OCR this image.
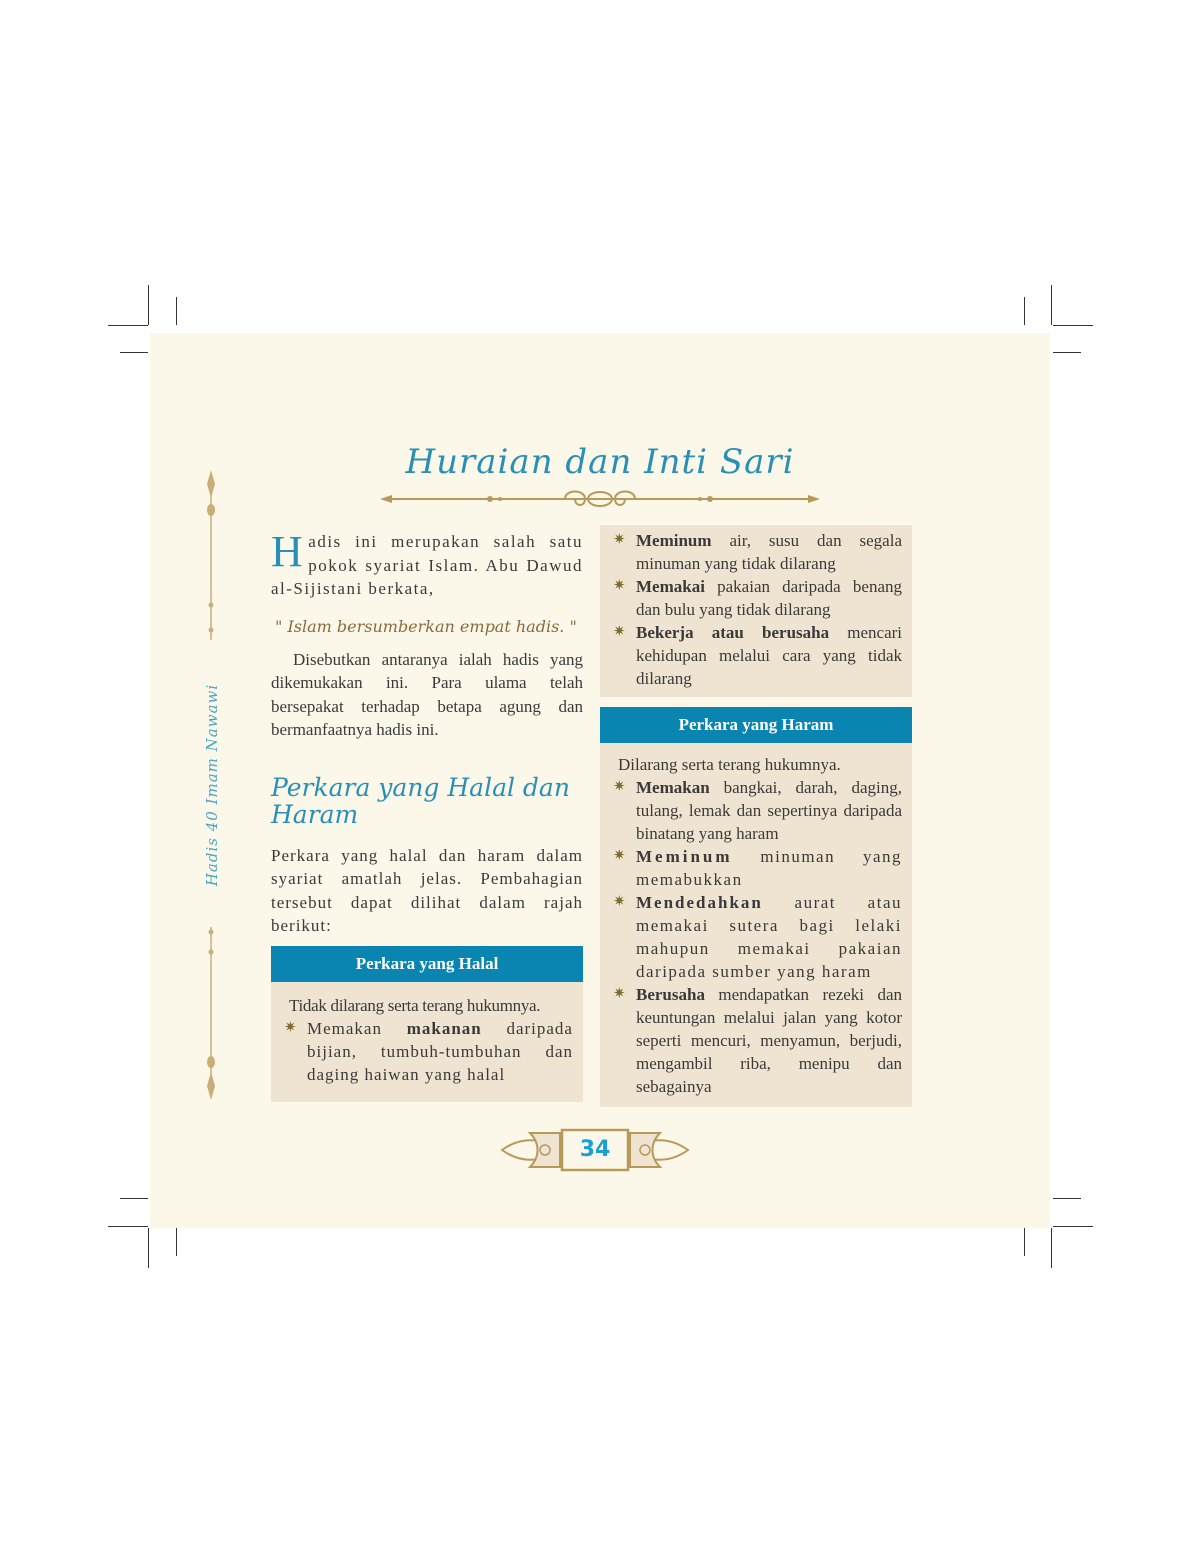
Hadis 40 Imam Nawawi
Huraian dan Inti Sari

Hadis ini merupakan salah satu pokok syariat Islam. Abu Dawud al-Sijistani berkata,

" Islam bersumberkan empat hadis. "

Disebutkan antaranya ialah hadis yang dikemukakan ini. Para ulama telah bersepakat terhadap betapa agung dan bermanfaatnya hadis ini.

Perkara yang Halal dan Haram

Perkara yang halal dan haram dalam syariat amatlah jelas. Pembahagian tersebut dapat dilihat dalam rajah berikut:

Perkara yang Halal

Tidak dilarang serta terang hukumnya.

✷ Memakan makanan daripada bijian, tumbuh-tumbuhan dan daging haiwan yang halal

✷ Meminum air, susu dan segala minuman yang tidak dilarang

✷ Memakai pakaian daripada benang dan bulu yang tidak dilarang

✷ Bekerja atau berusaha mencari kehidupan melalui cara yang tidak dilarang

Perkara yang Haram

Dilarang serta terang hukumnya.

✷ Memakan bangkai, darah, daging, tulang, lemak dan sepertinya daripada binatang yang haram

✷ Meminum minuman yang memabukkan

✷ Mendedahkan aurat atau memakai sutera bagi lelaki mahupun memakai pakaian daripada sumber yang haram

✷ Berusaha mendapatkan rezeki dan keuntungan melalui jalan yang kotor seperti mencuri, menyamun, berjudi, mengambil riba, menipu dan sebagainya

34
